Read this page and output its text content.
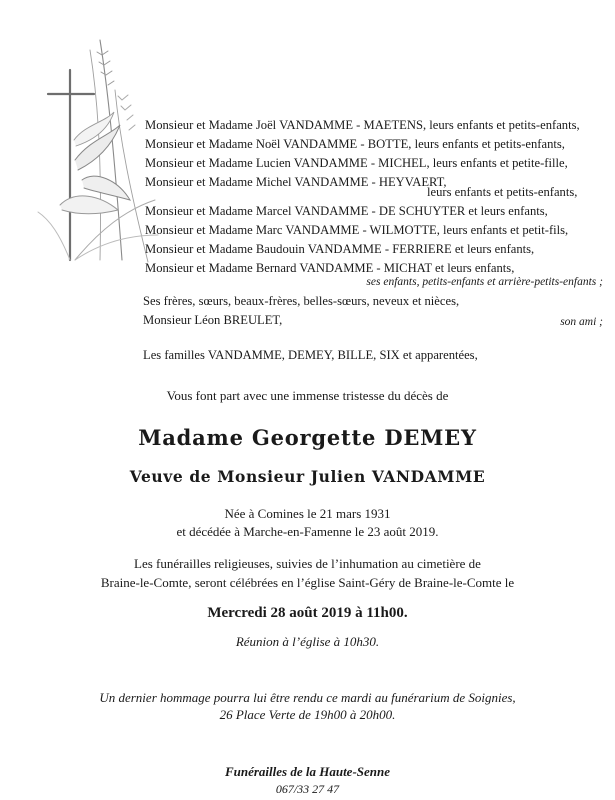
Monsieur et Madame Joël VANDAMME - MAETENS, leurs enfants et petits-enfants,
Monsieur et Madame Noël VANDAMME - BOTTE, leurs enfants et petits-enfants,
Monsieur et Madame Lucien VANDAMME - MICHEL, leurs enfants et petite-fille,
Monsieur et Madame Michel VANDAMME - HEYVAERT,
leurs enfants et petits-enfants,
Monsieur et Madame Marcel VANDAMME - DE SCHUYTER et leurs enfants,
Monsieur et Madame Marc VANDAMME - WILMOTTE, leurs enfants et petit-fils,
Monsieur et Madame Baudouin VANDAMME - FERRIERE et leurs enfants,
Monsieur et Madame Bernard VANDAMME - MICHAT et leurs enfants,
ses enfants, petits-enfants et arrière-petits-enfants ;
Ses frères, sœurs, beaux-frères, belles-sœurs, neveux et nièces,
Monsieur Léon BREULET,	son ami ;
Les familles VANDAMME, DEMEY, BILLE, SIX et apparentées,
Vous font part avec une immense tristesse du décès de
Madame Georgette DEMEY
Veuve de Monsieur Julien VANDAMME
Née à Comines le 21 mars 1931
et décédée à Marche-en-Famenne le 23 août 2019.
Les funérailles religieuses, suivies de l’inhumation au cimetière de
Braine-le-Comte, seront célébrées en l’église Saint-Géry de Braine-le-Comte le
Mercredi 28 août 2019 à 11h00.
Réunion à l’église à 10h30.
Un dernier hommage pourra lui être rendu ce mardi au funérarium de Soignies,
26 Place Verte de 19h00 à 20h00.
Funérailles de la Haute-Senne
067/33 27 47
